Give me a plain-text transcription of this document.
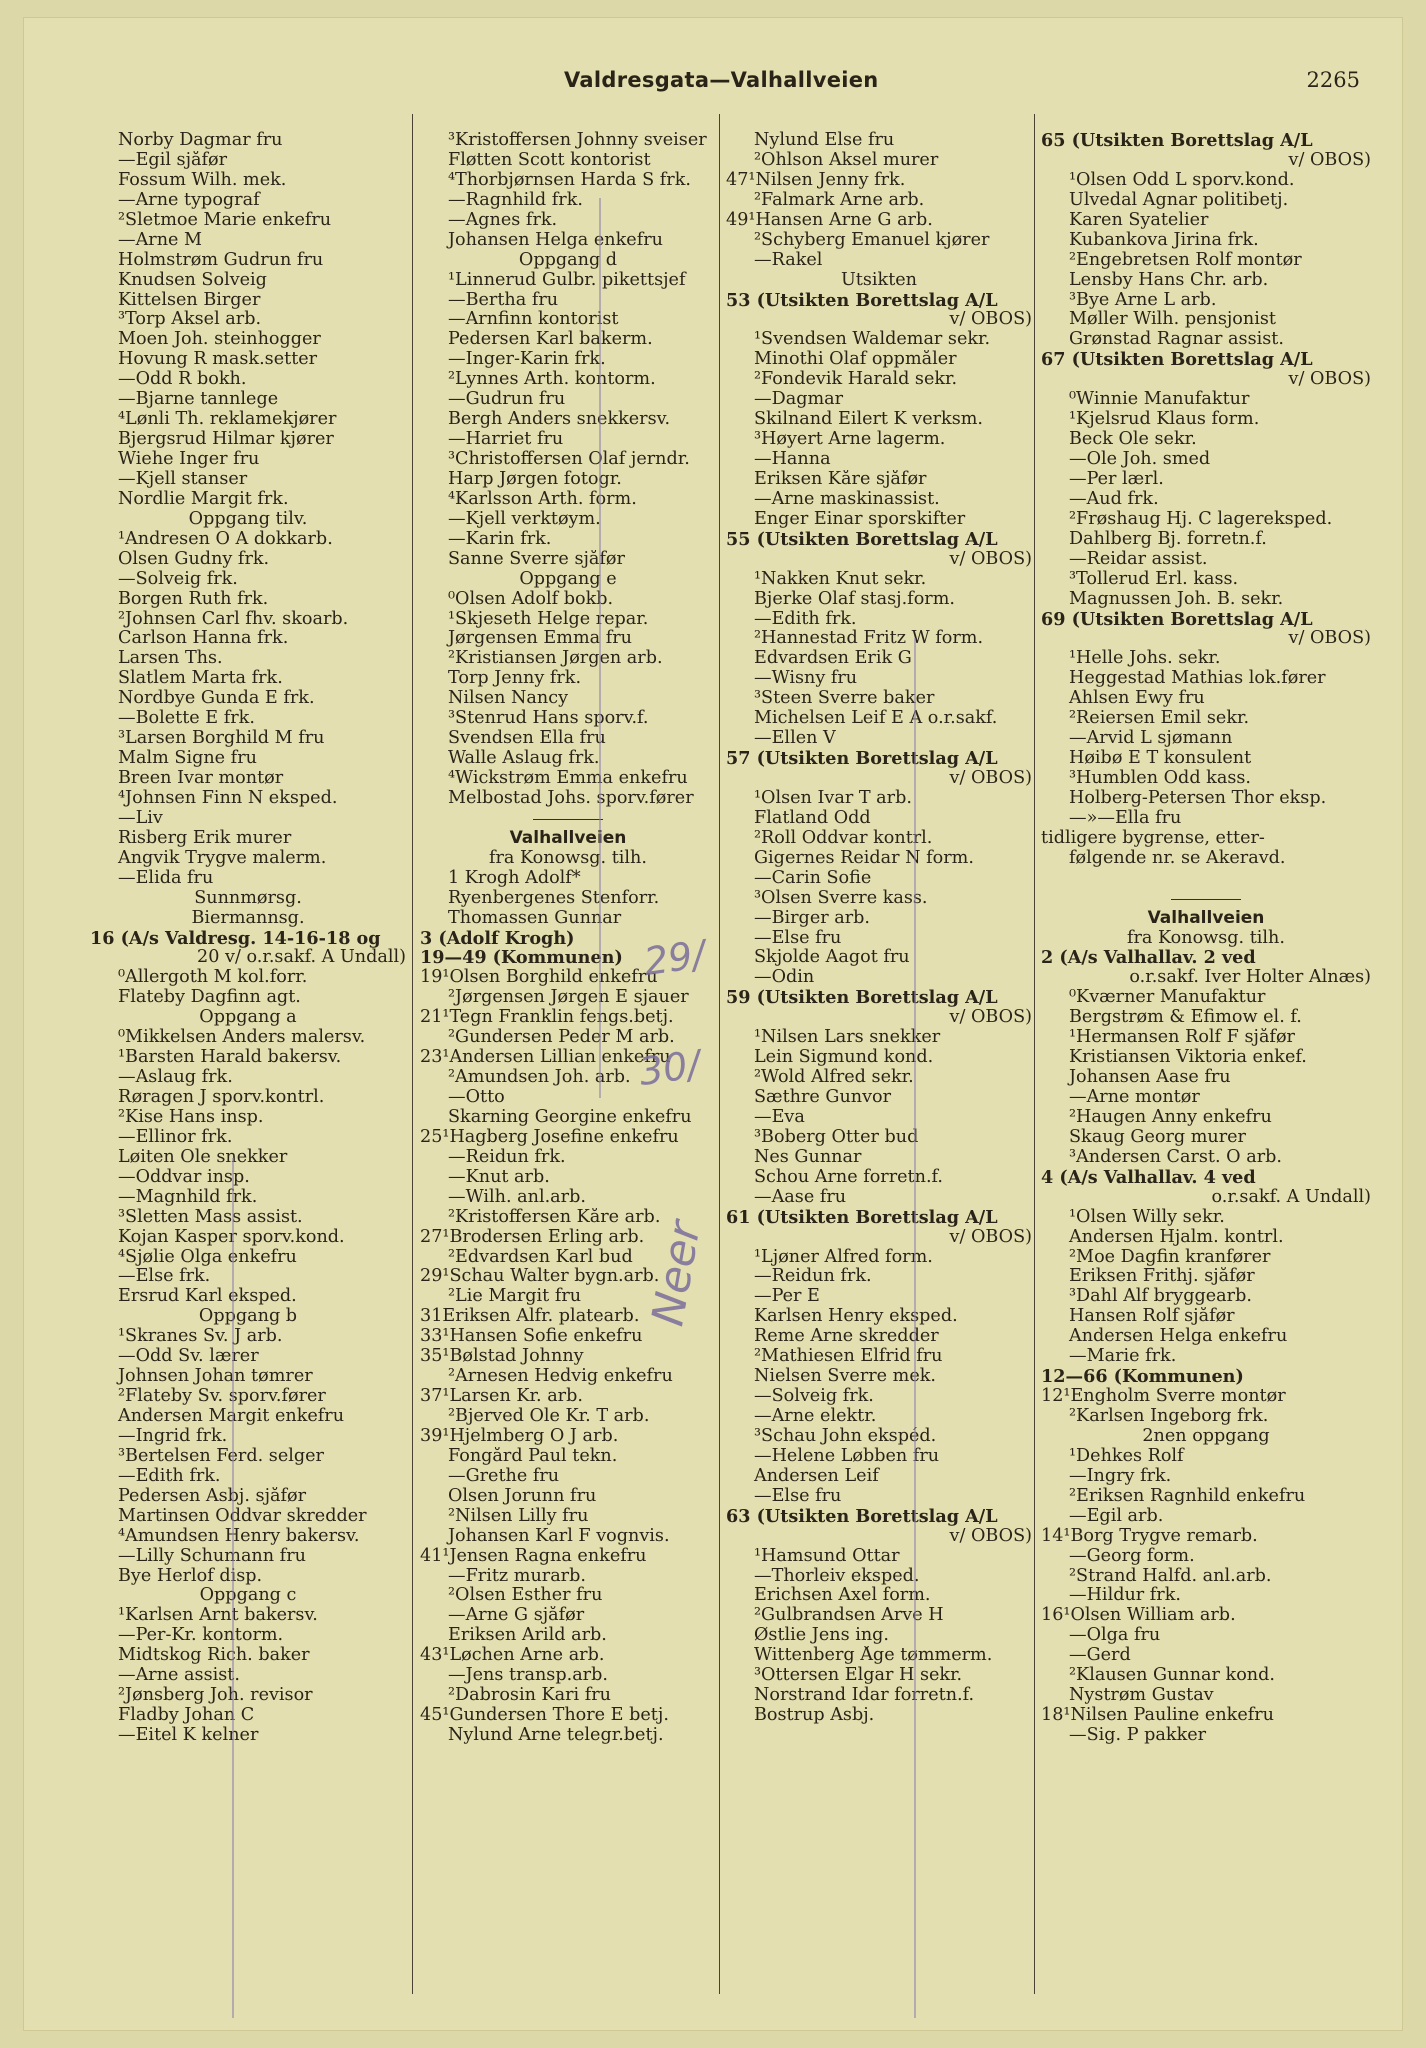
Valdresgata—Valhallveien	2265
Norby Dagmar fru
—Egil sjåfør
Fossum Wilh. mek.
—Arne typograf
²Sletmoe Marie enkefru
—Arne M
Holmstrøm Gudrun fru
Knudsen Solveig
Kittelsen Birger
³Torp Aksel arb.
Moen Joh. steinhogger
Hovung R mask.setter
—Odd R bokh.
—Bjarne tannlege
⁴Lønli Th. reklamekjører
Bjergsrud Hilmar kjører
Wiehe Inger fru
—Kjell stanser
Nordlie Margit frk.
Oppgang tilv.
¹Andresen O A dokkarb.
Olsen Gudny frk.
—Solveig frk.
Borgen Ruth frk.
²Johnsen Carl fhv. skoarb.
Carlson Hanna frk.
Larsen Ths.
Slatlem Marta frk.
Nordbye Gunda E frk.
—Bolette E frk.
³Larsen Borghild M fru
Malm Signe fru
Breen Ivar montør
⁴Johnsen Finn N eksped.
—Liv
Risberg Erik murer
Angvik Trygve malerm.
—Elida fru
Sunnmørsg.
Biermannsg.
16 (A/s Valdresg. 14-16-18 og
20 v/ o.r.sakf. A Undall)
⁰Allergoth M kol.forr.
Flateby Dagfinn agt.
Oppgang a
⁰Mikkelsen Anders malersv.
¹Barsten Harald bakersv.
—Aslaug frk.
Røragen J sporv.kontrl.
²Kise Hans insp.
—Ellinor frk.
Løiten Ole snekker
—Oddvar insp.
—Magnhild frk.
³Sletten Mass assist.
Kojan Kasper sporv.kond.
⁴Sjølie Olga enkefru
—Else frk.
Ersrud Karl eksped.
Oppgang b
¹Skranes Sv. J arb.
—Odd Sv. lærer
Johnsen Johan tømrer
²Flateby Sv. sporv.fører
Andersen Margit enkefru
—Ingrid frk.
³Bertelsen Ferd. selger
—Edith frk.
Pedersen Asbj. sjåfør
Martinsen Oddvar skredder
⁴Amundsen Henry bakersv.
—Lilly Schumann fru
Bye Herlof disp.
Oppgang c
¹Karlsen Arnt bakersv.
—Per-Kr. kontorm.
Midtskog Rich. baker
—Arne assist.
²Jønsberg Joh. revisor
Fladby Johan C
—Eitel K kelner
³Kristoffersen Johnny sveiser
Fløtten Scott kontorist
⁴Thorbjørnsen Harda S frk.
—Ragnhild frk.
—Agnes frk.
Johansen Helga enkefru
Oppgang d
¹Linnerud Gulbr. pikettsjef
—Bertha fru
—Arnfinn kontorist
Pedersen Karl bakerm.
—Inger-Karin frk.
²Lynnes Arth. kontorm.
—Gudrun fru
Bergh Anders snekkersv.
—Harriet fru
³Christoffersen Olaf jerndr.
Harp Jørgen fotogr.
⁴Karlsson Arth. form.
—Kjell verktøym.
—Karin frk.
Sanne Sverre sjåfør
Oppgang e
⁰Olsen Adolf bokb.
¹Skjeseth Helge repar.
Jørgensen Emma fru
²Kristiansen Jørgen arb.
Torp Jenny frk.
Nilsen Nancy
³Stenrud Hans sporv.f.
Svendsen Ella fru
Walle Aslaug frk.
⁴Wickstrøm Emma enkefru
Melbostad Johs. sporv.fører
Valhallveien
fra Konowsg. tilh.
1 Krogh Adolf*
Ryenbergenes Stenforr.
Thomassen Gunnar
3 (Adolf Krogh)
19—49 (Kommunen)
19¹Olsen Borghild enkefru
²Jørgensen Jørgen E sjauer
21¹Tegn Franklin fengs.betj.
²Gundersen Peder M arb.
23¹Andersen Lillian enkefru
²Amundsen Joh. arb.
—Otto
Skarning Georgine enkefru
25¹Hagberg Josefine enkefru
—Reidun frk.
—Knut arb.
—Wilh. anl.arb.
²Kristoffersen Kåre arb.
27¹Brodersen Erling arb.
²Edvardsen Karl bud
29¹Schau Walter bygn.arb.
²Lie Margit fru
31Eriksen Alfr. platearb.
33¹Hansen Sofie enkefru
35¹Bølstad Johnny
²Arnesen Hedvig enkefru
37¹Larsen Kr. arb.
²Bjerved Ole Kr. T arb.
39¹Hjelmberg O J arb.
Fongård Paul tekn.
—Grethe fru
Olsen Jorunn fru
²Nilsen Lilly fru
Johansen Karl F vognvis.
41¹Jensen Ragna enkefru
—Fritz murarb.
²Olsen Esther fru
—Arne G sjåfør
Eriksen Arild arb.
43¹Løchen Arne arb.
—Jens transp.arb.
²Dabrosin Kari fru
45¹Gundersen Thore E betj.
Nylund Arne telegr.betj.
Nylund Else fru
²Ohlson Aksel murer
47¹Nilsen Jenny frk.
²Falmark Arne arb.
49¹Hansen Arne G arb.
²Schyberg Emanuel kjører
—Rakel
Utsikten
53 (Utsikten Borettslag A/L
v/ OBOS)
¹Svendsen Waldemar sekr.
Minothi Olaf oppmåler
²Fondevik Harald sekr.
—Dagmar
Skilnand Eilert K verksm.
³Høyert Arne lagerm.
—Hanna
Eriksen Kåre sjåfør
—Arne maskinassist.
Enger Einar sporskifter
55 (Utsikten Borettslag A/L
v/ OBOS)
¹Nakken Knut sekr.
Bjerke Olaf stasj.form.
—Edith frk.
²Hannestad Fritz W form.
Edvardsen Erik G
—Wisny fru
³Steen Sverre baker
Michelsen Leif E A o.r.sakf.
—Ellen V
57 (Utsikten Borettslag A/L
v/ OBOS)
¹Olsen Ivar T arb.
Flatland Odd
²Roll Oddvar kontrl.
Gigernes Reidar N form.
—Carin Sofie
³Olsen Sverre kass.
—Birger arb.
—Else fru
Skjolde Aagot fru
—Odin
59 (Utsikten Borettslag A/L
v/ OBOS)
¹Nilsen Lars snekker
Lein Sigmund kond.
²Wold Alfred sekr.
Sæthre Gunvor
—Eva
³Boberg Otter bud
Nes Gunnar
Schou Arne forretn.f.
—Aase fru
61 (Utsikten Borettslag A/L
v/ OBOS)
¹Ljøner Alfred form.
—Reidun frk.
—Per E
Karlsen Henry eksped.
Reme Arne skredder
²Mathiesen Elfrid fru
Nielsen Sverre mek.
—Solveig frk.
—Arne elektr.
³Schau John ekspéd.
—Helene Løbben fru
Andersen Leif
—Else fru
63 (Utsikten Borettslag A/L
v/ OBOS)
¹Hamsund Ottar
—Thorleiv eksped.
Erichsen Axel form.
²Gulbrandsen Arve H
Østlie Jens ing.
Wittenberg Åge tømmerm.
³Ottersen Elgar H sekr.
Norstrand Idar forretn.f.
Bostrup Asbj.
65 (Utsikten Borettslag A/L
v/ OBOS)
¹Olsen Odd L sporv.kond.
Ulvedal Agnar politibetj.
Karen Syatelier
Kubankova Jirina frk.
²Engebretsen Rolf montør
Lensby Hans Chr. arb.
³Bye Arne L arb.
Møller Wilh. pensjonist
Grønstad Ragnar assist.
67 (Utsikten Borettslag A/L
v/ OBOS)
⁰Winnie Manufaktur
¹Kjelsrud Klaus form.
Beck Ole sekr.
—Ole Joh. smed
—Per lærl.
—Aud frk.
²Frøshaug Hj. C lagereksped.
Dahlberg Bj. forretn.f.
—Reidar assist.
³Tollerud Erl. kass.
Magnussen Joh. B. sekr.
69 (Utsikten Borettslag A/L
v/ OBOS)
¹Helle Johs. sekr.
Heggestad Mathias lok.fører
Ahlsen Ewy fru
²Reiersen Emil sekr.
—Arvid L sjømann
Høibø E T konsulent
³Humblen Odd kass.
Holberg-Petersen Thor eksp.
—»—Ella fru
tidligere bygrense, etter-
følgende nr. se Akeravd.
Valhallveien
fra Konowsg. tilh.
2 (A/s Valhallav. 2 ved
o.r.sakf. Iver Holter Alnæs)
⁰Kværner Manufaktur
Bergstrøm & Efimow el. f.
¹Hermansen Rolf F sjåfør
Kristiansen Viktoria enkef.
Johansen Aase fru
—Arne montør
²Haugen Anny enkefru
Skaug Georg murer
³Andersen Carst. O arb.
4 (A/s Valhallav. 4 ved
o.r.sakf. A Undall)
¹Olsen Willy sekr.
Andersen Hjalm. kontrl.
²Moe Dagfin kranfører
Eriksen Frithj. sjåfør
³Dahl Alf bryggearb.
Hansen Rolf sjåfør
Andersen Helga enkefru
—Marie frk.
12—66 (Kommunen)
12¹Engholm Sverre montør
²Karlsen Ingeborg frk.
2nen oppgang
¹Dehkes Rolf
—Ingry frk.
²Eriksen Ragnhild enkefru
—Egil arb.
14¹Borg Trygve remarb.
—Georg form.
²Strand Halfd. anl.arb.
—Hildur frk.
16¹Olsen William arb.
—Olga fru
—Gerd
²Klausen Gunnar kond.
Nystrøm Gustav
18¹Nilsen Pauline enkefru
—Sig. P pakker
29/
30/
Neer
